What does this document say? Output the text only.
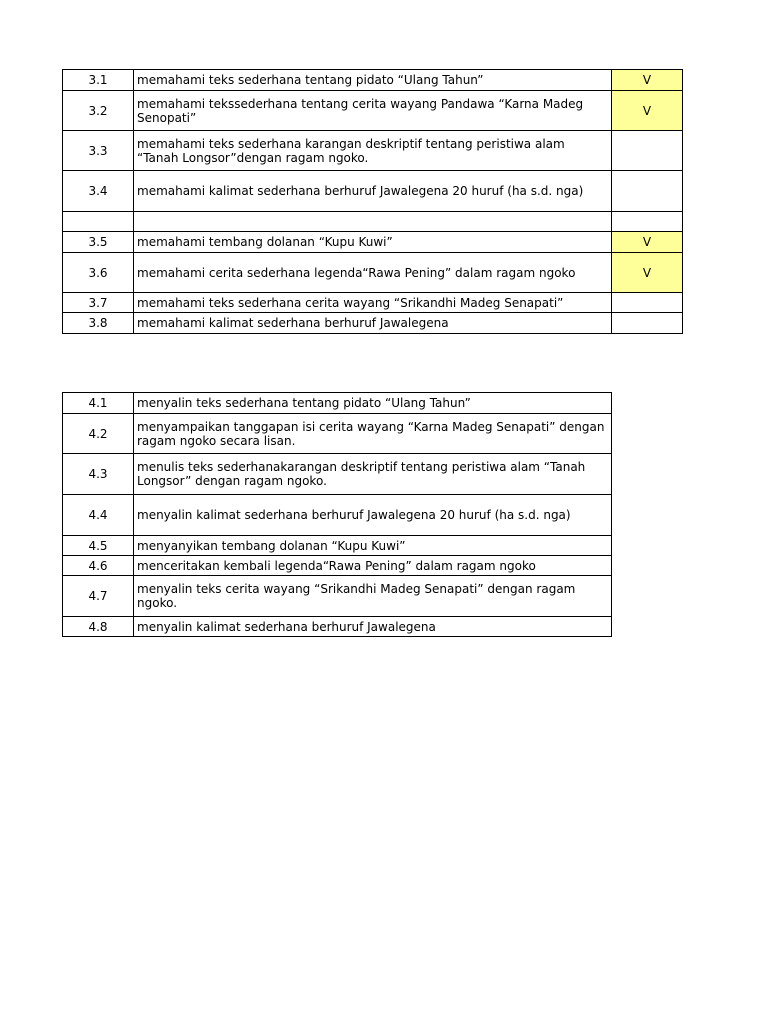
3.1	memahami teks sederhana tentang pidato “Ulang Tahun”	V
3.2	memahami tekssederhana tentang cerita wayang Pandawa “Karna Madeg Senopati”	V
3.3	memahami teks sederhana karangan deskriptif tentang peristiwa alam “Tanah Longsor”dengan ragam ngoko.	
3.4	memahami kalimat sederhana berhuruf Jawalegena 20 huruf (ha s.d. nga)	

3.5	memahami tembang dolanan “Kupu Kuwi”	V
3.6	memahami cerita sederhana legenda“Rawa Pening” dalam ragam ngoko	V
3.7	memahami teks sederhana cerita wayang “Srikandhi Madeg Senapati”	
3.8	memahami kalimat sederhana berhuruf Jawalegena	
4.1	menyalin teks sederhana tentang pidato “Ulang Tahun”
4.2	menyampaikan tanggapan isi cerita wayang “Karna Madeg Senapati” dengan ragam ngoko secara lisan.
4.3	menulis teks sederhanakarangan deskriptif tentang peristiwa alam “Tanah Longsor” dengan ragam ngoko.
4.4	menyalin kalimat sederhana berhuruf Jawalegena 20 huruf (ha s.d. nga)
4.5	menyanyikan tembang dolanan “Kupu Kuwi”
4.6	menceritakan kembali legenda“Rawa Pening” dalam ragam ngoko
4.7	menyalin teks cerita wayang “Srikandhi Madeg Senapati” dengan ragam ngoko.
4.8	menyalin kalimat sederhana berhuruf Jawalegena
